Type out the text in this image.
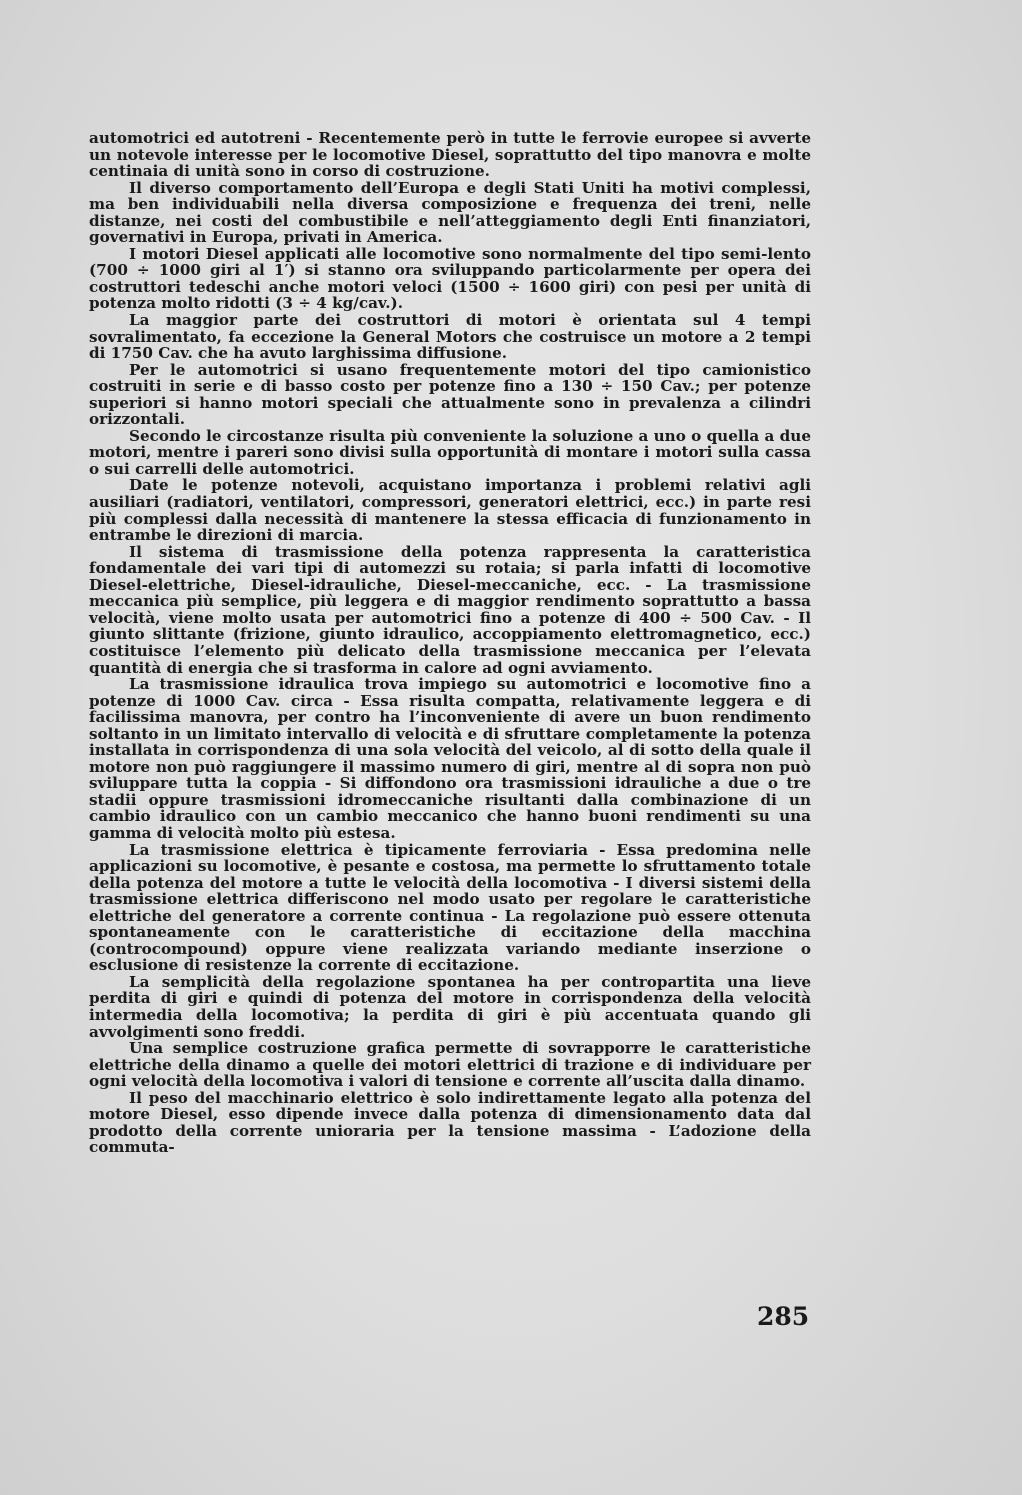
automotrici ed autotreni - Recentemente però in tutte le ferrovie europee si avverte un notevole interesse per le locomotive Diesel, soprattutto del tipo manovra e molte centinaia di unità sono in corso di costruzione.

Il diverso comportamento dell’Europa e degli Stati Uniti ha motivi complessi, ma ben individuabili nella diversa composizione e frequenza dei treni, nelle distanze, nei costi del combustibile e nell’atteggiamento degli Enti finanziatori, governativi in Europa, privati in America.

I motori Diesel applicati alle locomotive sono normalmente del tipo semi-lento (700 ÷ 1000 giri al 1′) si stanno ora sviluppando particolarmente per opera dei costruttori tedeschi anche motori veloci (1500 ÷ 1600 giri) con pesi per unità di potenza molto ridotti (3 ÷ 4 kg/cav.).

La maggior parte dei costruttori di motori è orientata sul 4 tempi sovralimentato, fa eccezione la General Motors che costruisce un motore a 2 tempi di 1750 Cav. che ha avuto larghissima diffusione.

Per le automotrici si usano frequentemente motori del tipo camionistico costruiti in serie e di basso costo per potenze fino a 130 ÷ 150 Cav.; per potenze superiori si hanno motori speciali che attualmente sono in prevalenza a cilindri orizzontali.

Secondo le circostanze risulta più conveniente la soluzione a uno o quella a due motori, mentre i pareri sono divisi sulla opportunità di montare i motori sulla cassa o sui carrelli delle automotrici.

Date le potenze notevoli, acquistano importanza i problemi relativi agli ausiliari (radiatori, ventilatori, compressori, generatori elettrici, ecc.) in parte resi più complessi dalla necessità di mantenere la stessa efficacia di funzionamento in entrambe le direzioni di marcia.

Il sistema di trasmissione della potenza rappresenta la caratteristica fondamentale dei vari tipi di automezzi su rotaia; si parla infatti di locomotive Diesel-elettriche, Diesel-idrauliche, Diesel-meccaniche, ecc. - La trasmissione meccanica più semplice, più leggera e di maggior rendimento soprattutto a bassa velocità, viene molto usata per automotrici fino a potenze di 400 ÷ 500 Cav. - Il giunto slittante (frizione, giunto idraulico, accoppiamento elettromagnetico, ecc.) costituisce l’elemento più delicato della trasmissione meccanica per l’elevata quantità di energia che si trasforma in calore ad ogni avviamento.

La trasmissione idraulica trova impiego su automotrici e locomotive fino a potenze di 1000 Cav. circa - Essa risulta compatta, relativamente leggera e di facilissima manovra, per contro ha l’inconveniente di avere un buon rendimento soltanto in un limitato intervallo di velocità e di sfruttare completamente la potenza installata in corrispondenza di una sola velocità del veicolo, al di sotto della quale il motore non può raggiungere il massimo numero di giri, mentre al di sopra non può sviluppare tutta la coppia - Si diffondono ora trasmissioni idrauliche a due o tre stadii oppure trasmissioni idromeccaniche risultanti dalla combinazione di un cambio idraulico con un cambio meccanico che hanno buoni rendimenti su una gamma di velocità molto più estesa.

La trasmissione elettrica è tipicamente ferroviaria - Essa predomina nelle applicazioni su locomotive, è pesante e costosa, ma permette lo sfruttamento totale della potenza del motore a tutte le velocità della locomotiva - I diversi sistemi della trasmissione elettrica differiscono nel modo usato per regolare le caratteristiche elettriche del generatore a corrente continua - La regolazione può essere ottenuta spontaneamente con le caratteristiche di eccitazione della macchina (controcompound) oppure viene realizzata variando mediante inserzione o esclusione di resistenze la corrente di eccitazione.

La semplicità della regolazione spontanea ha per contropartita una lieve perdita di giri e quindi di potenza del motore in corrispondenza della velocità intermedia della locomotiva; la perdita di giri è più accentuata quando gli avvolgimenti sono freddi.

Una semplice costruzione grafica permette di sovrapporre le caratteristiche elettriche della dinamo a quelle dei motori elettrici di trazione e di individuare per ogni velocità della locomotiva i valori di tensione e corrente all’uscita dalla dinamo.

Il peso del macchinario elettrico è solo indirettamente legato alla potenza del motore Diesel, esso dipende invece dalla potenza di dimensionamento data dal prodotto della corrente unioraria per la tensione massima - L’adozione della commuta-

285
